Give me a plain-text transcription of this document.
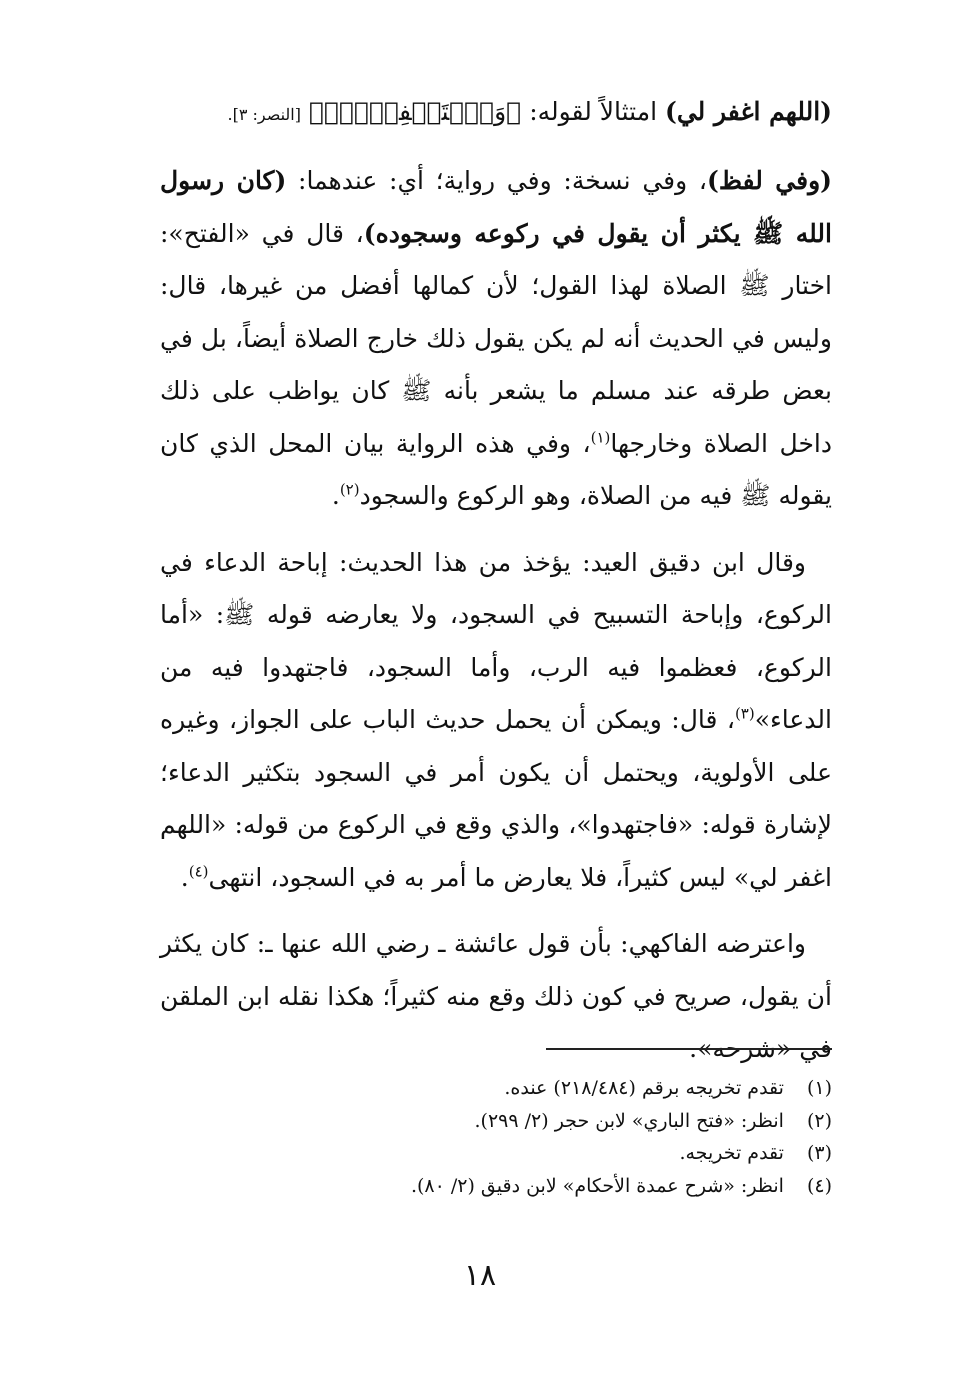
(اللهم اغفر لي) امتثالاً لقوله: ﴿وَٱسۡتَغۡفِرۡهُۚ﴾ [النصر: ٣].
(وفي لفظ)، وفي نسخة: وفي رواية؛ أي: عندهما: (كان رسول الله ﷺ يكثر أن يقول في ركوعه وسجوده)، قال في «الفتح»: اختار ﷺ الصلاة لهذا القول؛ لأن كمالها أفضل من غيرها، قال: وليس في الحديث أنه لم يكن يقول ذلك خارج الصلاة أيضاً، بل في بعض طرقه عند مسلم ما يشعر بأنه ﷺ كان يواظب على ذلك داخل الصلاة وخارجها$^{(١)}$، وفي هذه الرواية بيان المحل الذي كان يقوله ﷺ فيه من الصلاة، وهو الركوع والسجود$^{(٢)}$.
وقال ابن دقيق العيد: يؤخذ من هذا الحديث: إباحة الدعاء في الركوع، وإباحة التسبيح في السجود، ولا يعارضه قوله ﷺ: «أما الركوع، فعظموا فيه الرب، وأما السجود، فاجتهدوا فيه من الدعاء»$^{(٣)}$، قال: ويمكن أن يحمل حديث الباب على الجواز، وغيره على الأولوية، ويحتمل أن يكون أمر في السجود بتكثير الدعاء؛ لإشارة قوله: «فاجتهدوا»، والذي وقع في الركوع من قوله: «اللهم اغفر لي» ليس كثيراً، فلا يعارض ما أمر به في السجود، انتهى$^{(٤)}$.
واعترضه الفاكهي: بأن قول عائشة ـ رضي الله عنها ـ: كان يكثر أن يقول، صريح في كون ذلك وقع منه كثيراً؛ هكذا نقله ابن الملقن في «شرحه».
(١) تقدم تخريجه برقم (٢١٨/٤٨٤) عنده.
(٢) انظر: «فتح الباري» لابن حجر (٢/ ٢٩٩).
(٣) تقدم تخريجه.
(٤) انظر: «شرح عمدة الأحكام» لابن دقيق (٢/ ٨٠).
١٨
